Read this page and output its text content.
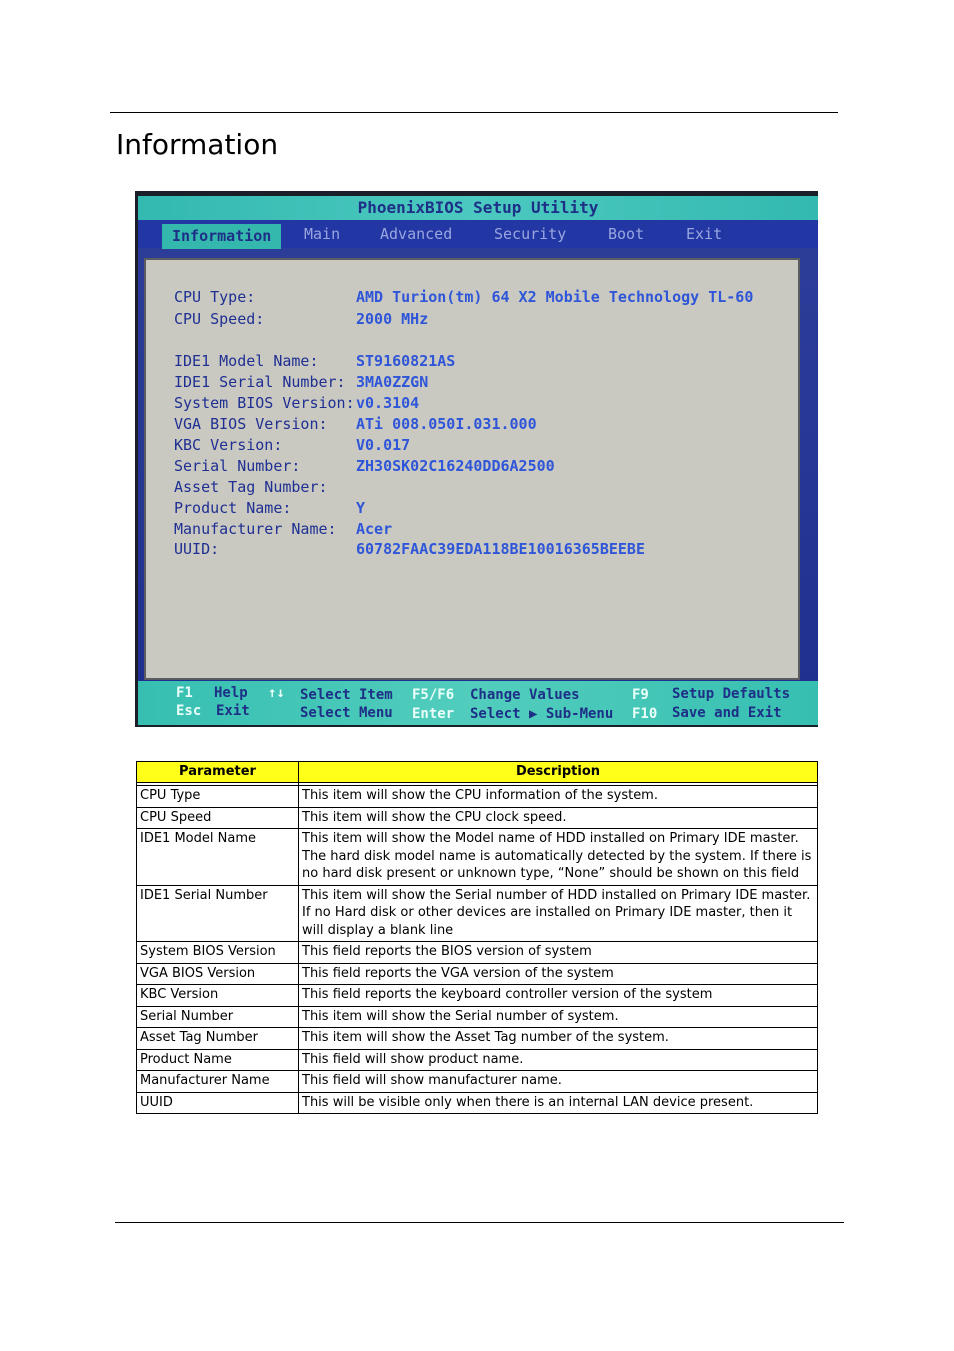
Information
PhoenixBIOS Setup Utility
Information	Main	Advanced	Security	Boot	Exit
CPU Type:	AMD Turion(tm) 64 X2 Mobile Technology TL-60
CPU Speed:	2000 MHz
IDE1 Model Name:	ST9160821AS
IDE1 Serial Number: 3MA0ZZGN
System BIOS Version: v0.3104
VGA BIOS Version: ATi 008.050I.031.000
KBC Version:	V0.017
Serial Number:	ZH30SK02C16240DD6A2500
Asset Tag Number:
Product Name:	Y
Manufacturer Name: Acer
UUID:	60782FAAC39EDA118BE10016365BEEBE
F1 Help ↑↓ Select Item F5/F6 Change Values	F9 Setup Defaults
Esc Exit	Select Menu Enter Select ▶ Sub-Menu F10 Save and Exit
Parameter	Description

CPU Type	This item will show the CPU information of the system.
CPU Speed	This item will show the CPU clock speed.
IDE1 Model Name	This item will show the Model name of HDD installed on Primary IDE master. The hard disk model name is automatically detected by the system. If there is no hard disk present or unknown type, “None” should be shown on this field
IDE1 Serial Number	This item will show the Serial number of HDD installed on Primary IDE master. If no Hard disk or other devices are installed on Primary IDE master, then it will display a blank line
System BIOS Version	This field reports the BIOS version of system
VGA BIOS Version	This field reports the VGA version of the system
KBC Version	This field reports the keyboard controller version of the system
Serial Number	This item will show the Serial number of system.
Asset Tag Number	This item will show the Asset Tag number of the system.
Product Name	This field will show product name.
Manufacturer Name	This field will show manufacturer name.
UUID	This will be visible only when there is an internal LAN device present.
